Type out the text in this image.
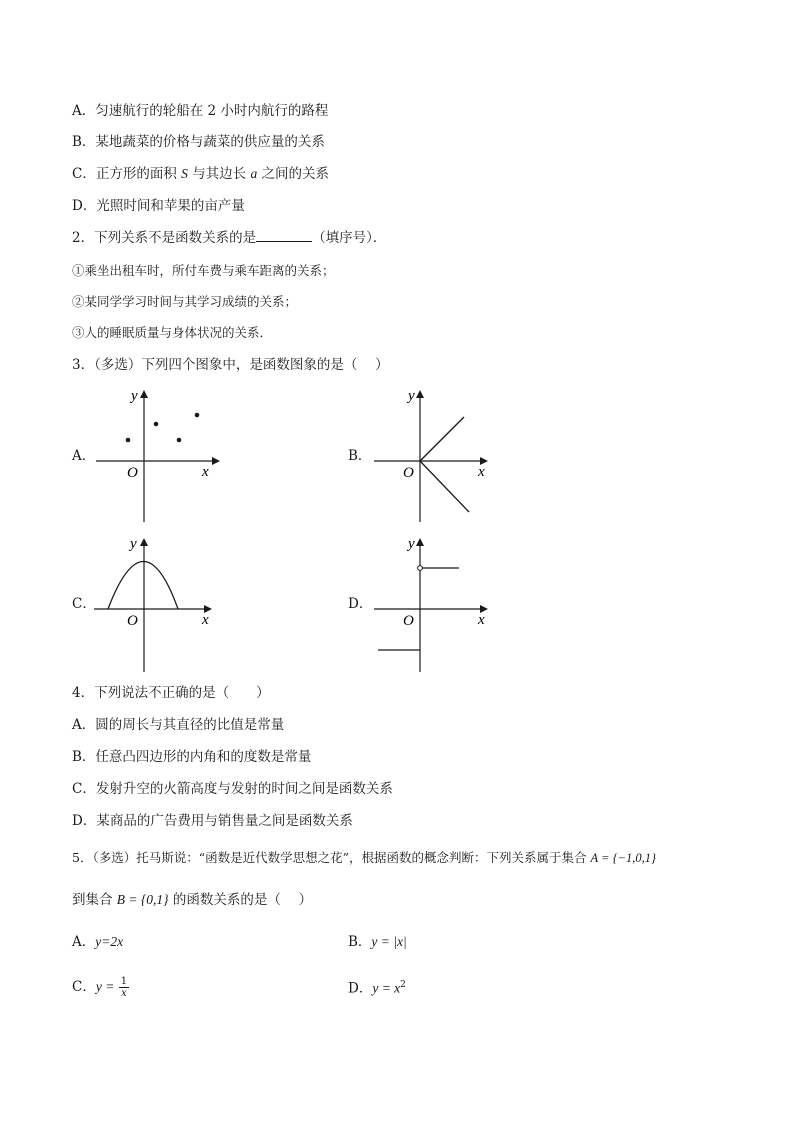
A．匀速航行的轮船在 2 小时内航行的路程
B．某地蔬菜的价格与蔬菜的供应量的关系
C．正方形的面积 S 与其边长 a 之间的关系
D．光照时间和苹果的亩产量
2．下列关系不是函数关系的是	（填序号）．
①乘坐出租车时，所付车费与乘车距离的关系；
②某同学学习时间与其学习成绩的关系；
③人的睡眠质量与身体状况的关系．
3．（多选）下列四个图象中，是函数图象的是（　 ）
A．
x
y
O
B．
x
y
O
C．
x
y
O
D．
x
y
O
4．下列说法不正确的是（　　）
A．圆的周长与其直径的比值是常量
B．任意凸四边形的内角和的度数是常量
C．发射升空的火箭高度与发射的时间之间是函数关系
D．某商品的广告费用与销售量之间是函数关系
5．（多选）托马斯说：“函数是近代数学思想之花”，根据函数的概念判断：下列关系属于集合 A = {−1,0,1}
到集合 B = {0,1} 的函数关系的是（　 ）
A．y=2x	B．y = |x|
C．$y = \frac{1}{x}$	D．$y = x^2$
